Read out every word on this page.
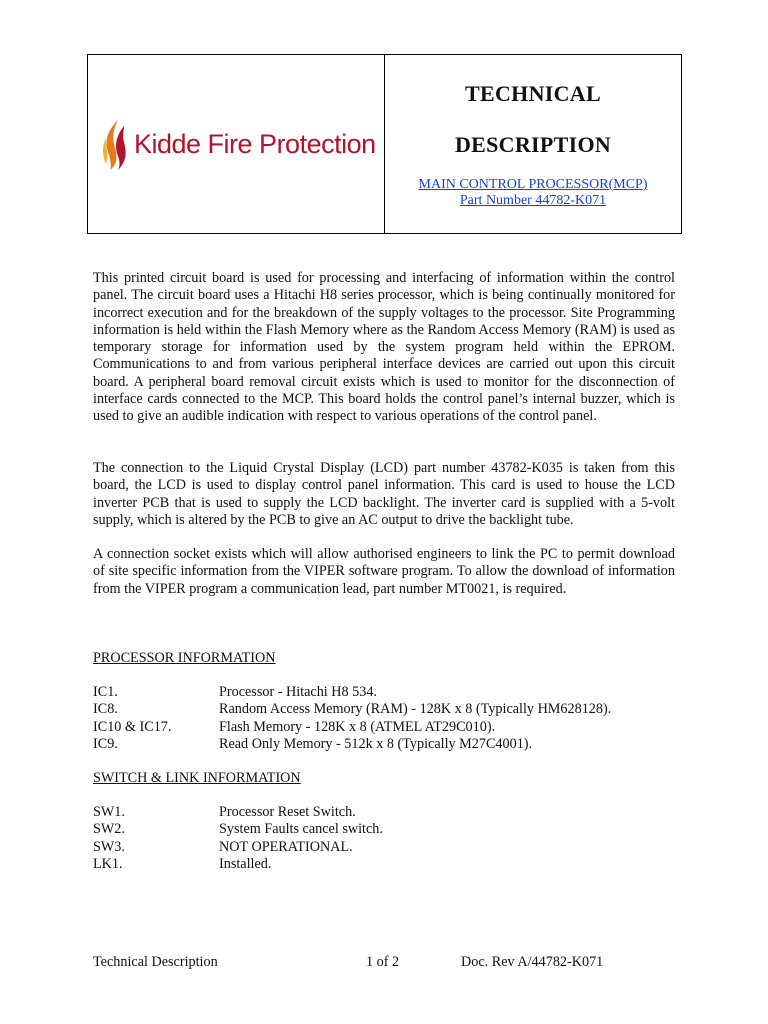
Kidde Fire Protection
TECHNICAL
DESCRIPTION
MAIN CONTROL PROCESSOR(MCP)
Part Number 44782-K071

This printed circuit board is used for processing and interfacing of information within the control panel. The circuit board uses a Hitachi H8 series processor, which is being continually monitored for incorrect execution and for the breakdown of the supply voltages to the processor. Site Programming information is held within the Flash Memory where as the Random Access Memory (RAM) is used as temporary storage for information used by the system program held within the EPROM. Communications to and from various peripheral interface devices are carried out upon this circuit board. A peripheral board removal circuit exists which is used to monitor for the disconnection of interface cards connected to the MCP. This board holds the control panel’s internal buzzer, which is used to give an audible indication with respect to various operations of the control panel.

The connection to the Liquid Crystal Display (LCD) part number 43782-K035 is taken from this board, the LCD is used to display control panel information. This card is used to house the LCD inverter PCB that is used to supply the LCD backlight. The inverter card is supplied with a 5-volt supply, which is altered by the PCB to give an AC output to drive the backlight tube.

A connection socket exists which will allow authorised engineers to link the PC to permit download of site specific information from the VIPER software program. To allow the download of information from the VIPER program a communication lead, part number MT0021, is required.

PROCESSOR INFORMATION
IC1.	Processor - Hitachi H8 534.
IC8.	Random Access Memory (RAM) - 128K x 8 (Typically HM628128).
IC10 & IC17.	Flash Memory - 128K x 8 (ATMEL AT29C010).
IC9.	Read Only Memory - 512k x 8 (Typically M27C4001).
SWITCH & LINK INFORMATION
SW1.	Processor Reset Switch.
SW2.	System Faults cancel switch.
SW3.	NOT OPERATIONAL.
LK1.	Installed.
Technical Description	1 of 2	Doc. Rev A/44782-K071
